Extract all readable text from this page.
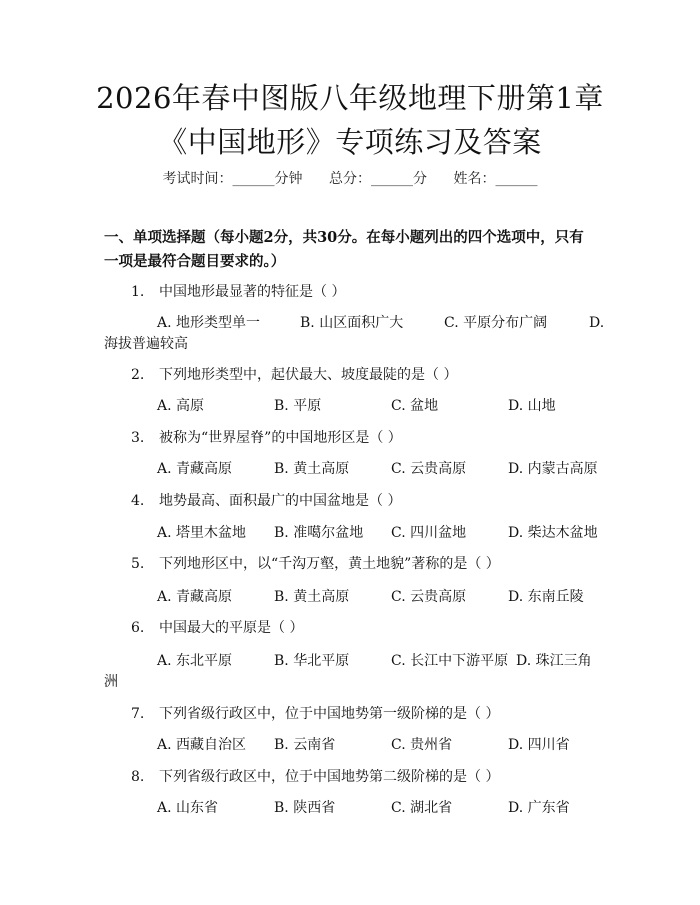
2026年春中图版八年级地理下册第1章《中国地形》专项练习及答案
考试时间：______分钟 总分：______分 姓名：______
一、单项选择题（每小题2分，共30分。在每小题列出的四个选项中，只有一项是最符合题目要求的。）
1. 中国地形最显著的特征是（ ）
A. 地形类型单一	B. 山区面积广大	C. 平原分布广阔	D.
海拔普遍较高
2. 下列地形类型中，起伏最大、坡度最陡的是（ ）
A. 高原	B. 平原	C. 盆地	D. 山地
3. 被称为“世界屋脊”的中国地形区是（ ）
A. 青藏高原	B. 黄土高原	C. 云贵高原	D. 内蒙古高原
4. 地势最高、面积最广的中国盆地是（ ）
A. 塔里木盆地 B. 准噶尔盆地 C. 四川盆地	D. 柴达木盆地
5. 下列地形区中，以“千沟万壑，黄土地貌”著称的是（ ）
A. 青藏高原	B. 黄土高原	C. 云贵高原	D. 东南丘陵
6. 中国最大的平原是（ ）
A. 东北平原	B. 华北平原	C. 长江中下游平原 D. 珠江三角
洲
7. 下列省级行政区中，位于中国地势第一级阶梯的是（ ）
A. 西藏自治区 B. 云南省	C. 贵州省	D. 四川省
8. 下列省级行政区中，位于中国地势第二级阶梯的是（ ）
A. 山东省	B. 陕西省	C. 湖北省	D. 广东省
